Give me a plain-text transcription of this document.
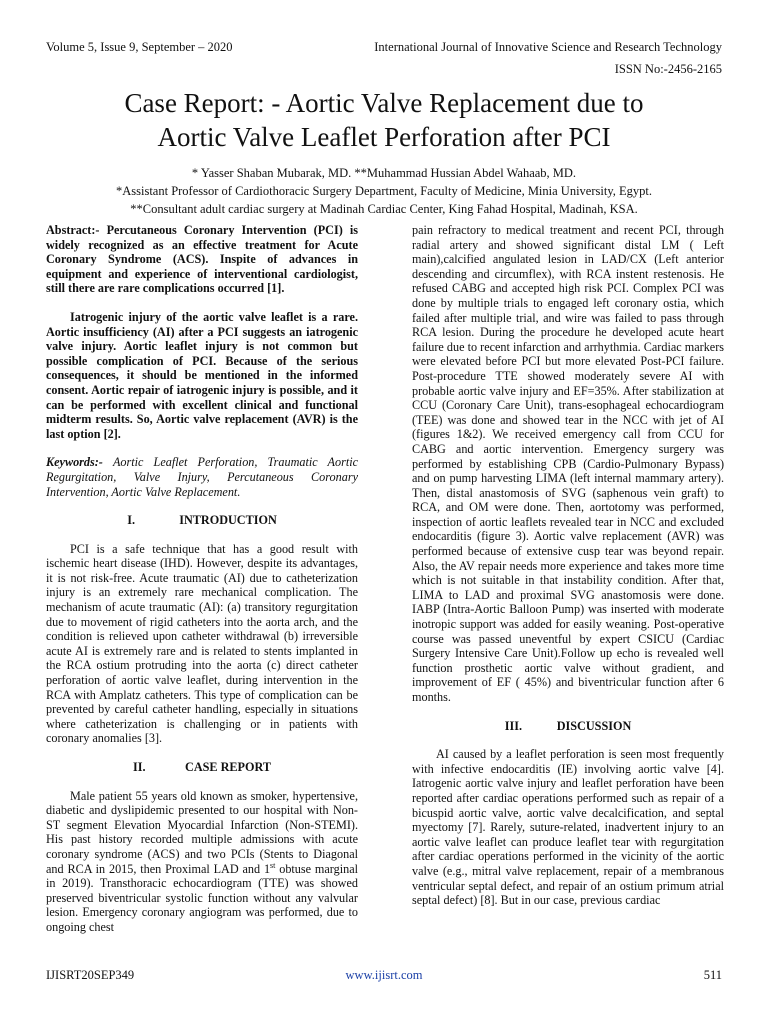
Volume 5, Issue 9, September – 2020	International Journal of Innovative Science and Research Technology
ISSN No:-2456-2165
Case Report: - Aortic Valve Replacement due to
Aortic Valve Leaflet Perforation after PCI

* Yasser Shaban Mubarak, MD. **Muhammad Hussian Abdel Wahaab, MD.

*Assistant Professor of Cardiothoracic Surgery Department, Faculty of Medicine, Minia University, Egypt.

**Consultant adult cardiac surgery at Madinah Cardiac Center, King Fahad Hospital, Madinah, KSA.

Abstract:- Percutaneous Coronary Intervention (PCI) is widely recognized as an effective treatment for Acute Coronary Syndrome (ACS). Inspite of advances in equipment and experience of interventional cardiologist, still there are rare complications occurred [1].

Iatrogenic injury of the aortic valve leaflet is a rare. Aortic insufficiency (AI) after a PCI suggests an iatrogenic valve injury. Aortic leaflet injury is not common but possible complication of PCI. Because of the serious consequences, it should be mentioned in the informed consent. Aortic repair of iatrogenic injury is possible, and it can be performed with excellent clinical and functional midterm results. So, Aortic valve replacement (AVR) is the last option [2].

Keywords:- Aortic Leaflet Perforation, Traumatic Aortic Regurgitation, Valve Injury, Percutaneous Coronary Intervention, Aortic Valve Replacement.

I.	INTRODUCTION

PCI is a safe technique that has a good result with ischemic heart disease (IHD). However, despite its advantages, it is not risk-free. Acute traumatic (AI) due to catheterization injury is an extremely rare mechanical complication. The mechanism of acute traumatic (AI): (a) transitory regurgitation due to movement of rigid catheters into the aorta arch, and the condition is relieved upon catheter withdrawal (b) irreversible acute AI is extremely rare and is related to stents implanted in the RCA ostium protruding into the aorta (c) direct catheter perforation of aortic valve leaflet, during intervention in the RCA with Amplatz catheters. This type of complication can be prevented by careful catheter handling, especially in situations where catheterization is challenging or in patients with coronary anomalies [3].

II.	CASE REPORT

Male patient 55 years old known as smoker, hypertensive, diabetic and dyslipidemic presented to our hospital with Non-ST segment Elevation Myocardial Infarction (Non-STEMI). His past history recorded multiple admissions with acute coronary syndrome (ACS) and two PCIs (Stents to Diagonal and RCA in 2015, then Proximal LAD and 1st obtuse marginal in 2019). Transthoracic echocardiogram (TTE) was showed preserved biventricular systolic function without any valvular lesion. Emergency coronary angiogram was performed, due to ongoing chest

pain refractory to medical treatment and recent PCI, through radial artery and showed significant distal LM ( Left main),calcified angulated lesion in LAD/CX (Left anterior descending and circumflex), with RCA instent restenosis. He refused CABG and accepted high risk PCI. Complex PCI was done by multiple trials to engaged left coronary ostia, which failed after multiple trial, and wire was failed to pass through RCA lesion. During the procedure he developed acute heart failure due to recent infarction and arrhythmia. Cardiac markers were elevated before PCI but more elevated Post-PCI failure. Post-procedure TTE showed moderately severe AI with probable aortic valve injury and EF=35%. After stabilization at CCU (Coronary Care Unit), trans-esophageal echocardiogram (TEE) was done and showed tear in the NCC with jet of AI (figures 1&2). We received emergency call from CCU for CABG and aortic intervention. Emergency surgery was performed by establishing CPB (Cardio-Pulmonary Bypass) and on pump harvesting LIMA (left internal mammary artery). Then, distal anastomosis of SVG (saphenous vein graft) to RCA, and OM were done. Then, aortotomy was performed, inspection of aortic leaflets revealed tear in NCC and excluded endocarditis (figure 3). Aortic valve replacement (AVR) was performed because of extensive cusp tear was beyond repair. Also, the AV repair needs more experience and takes more time which is not suitable in that instability condition. After that, LIMA to LAD and proximal SVG anastomosis were done. IABP (Intra-Aortic Balloon Pump) was inserted with moderate inotropic support was added for easily weaning. Post-operative course was passed uneventful by expert CSICU (Cardiac Surgery Intensive Care Unit).Follow up echo is revealed well function prosthetic aortic valve without gradient, and improvement of EF ( 45%) and biventricular function after 6 months.

III.	DISCUSSION

AI caused by a leaflet perforation is seen most frequently with infective endocarditis (IE) involving aortic valve [4]. Iatrogenic aortic valve injury and leaflet perforation have been reported after cardiac operations performed such as repair of a bicuspid aortic valve, aortic valve decalcification, and septal myectomy [7]. Rarely, suture-related, inadvertent injury to an aortic valve leaflet can produce leaflet tear with regurgitation after cardiac operations performed in the vicinity of the aortic valve (e.g., mitral valve replacement, repair of a membranous ventricular septal defect, and repair of an ostium primum atrial septal defect) [8]. But in our case, previous cardiac

IJISRT20SEP349	www.ijisrt.com	511
